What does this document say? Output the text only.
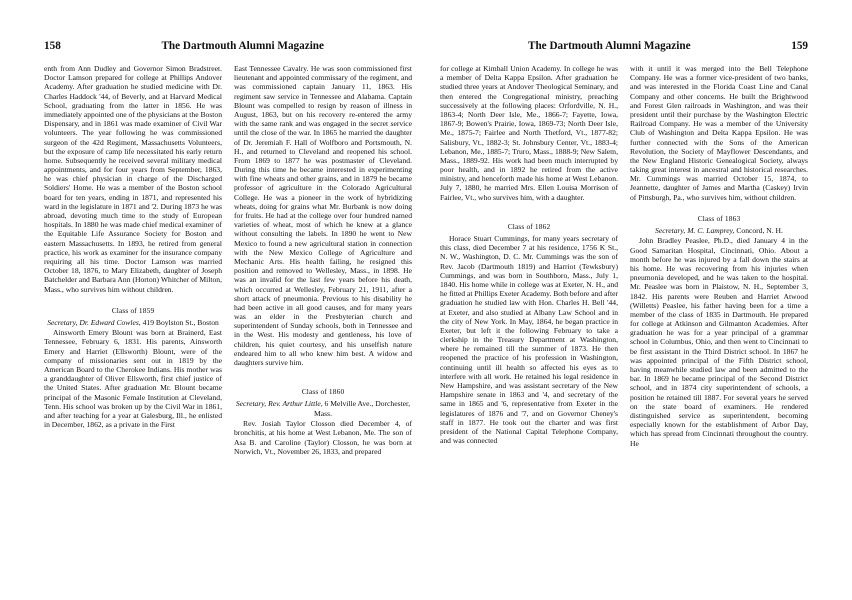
158	The Dartmouth Alumni Magazine

enth from Ann Dudley and Governor Simon Bradstreet. Doctor Lamson prepared for college at Phillips Andover Academy. After graduation he studied medicine with Dr. Charles Haddock '44, of Beverly, and at Harvard Medical School, graduating from the latter in 1856. He was immediately appointed one of the physicians at the Boston Dispensary, and in 1861 was made examiner of Civil War volunteers. The year following he was commissioned surgeon of the 42d Regiment, Massachusetts Volunteers, but the exposure of camp life necessitated his early return home. Subsequently he received several military medical appointments, and for four years from September, 1863, he was chief physician in charge of the Discharged Soldiers' Home. He was a member of the Boston school board for ten years, ending in 1871, and represented his ward in the legislature in 1871 and '2. During 1873 he was abroad, devoting much time to the study of European hospitals. In 1880 he was made chief medical examiner of the Equitable Life Assurance Society for Boston and eastern Massachusetts. In 1893, he retired from general practice, his work as examiner for the insurance company requiring all his time. Doctor Lamson was married October 18, 1876, to Mary Elizabeth, daughter of Joseph Batchelder and Barbara Ann (Horton) Whitcher of Milton, Mass., who survives him without children.

Class of 1859
Secretary, Dr. Edward Cowles, 419 Boylston St., Boston

Ainsworth Emery Blount was born at Brainerd, East Tennessee, February 6, 1831. His parents, Ainsworth Emery and Harriet (Ellsworth) Blount, were of the company of missionaries sent out in 1819 by the American Board to the Cherokee Indians. His mother was a granddaughter of Oliver Ellsworth, first chief justice of the United States. After graduation Mr. Blount became principal of the Masonic Female Institution at Cleveland, Tenn. His school was broken up by the Civil War in 1861, and after teaching for a year at Galesburg, Ill., he enlisted in December, 1862, as a private in the First

East Tennessee Cavalry. He was soon commissioned first lieutenant and appointed commissary of the regiment, and was commissioned captain January 11, 1863. His regiment saw service in Tennessee and Alabama. Captain Blount was compelled to resign by reason of illness in August, 1863, but on his recovery re-entered the army with the same rank and was engaged in the secret service until the close of the war. In 1865 he married the daughter of Dr. Jeremiah F. Hall of Wolfboro and Portsmouth, N. H., and returned to Cleveland and reopened his school. From 1869 to 1877 he was postmaster of Cleveland. During this time he became interested in experimenting with fine wheats and other grains, and in 1879 he became professor of agriculture in the Colorado Agricultural College. He was a pioneer in the work of hybridizing wheats, doing for grains what Mr. Burbank is now doing for fruits. He had at the college over four hundred named varieties of wheat, most of which he knew at a glance without consulting the labels. In 1890 he went to New Mexico to found a new agricultural station in connection with the New Mexico College of Agriculture and Mechanic Arts. His health failing, he resigned this position and removed to Wellesley, Mass., in 1898. He was an invalid for the last few years before his death, which occurred at Wellesley, February 21, 1911, after a short attack of pneumonia. Previous to his disability he had been active in all good causes, and for many years was an elder in the Presbyterian church and superintendent of Sunday schools, both in Tennessee and in the West. His modesty and gentleness, his love of children, his quiet courtesy, and his unselfish nature endeared him to all who knew him best. A widow and daughters survive him.

Class of 1860
Secretary, Rev. Arthur Little, 6 Melville Ave., Dorchester, Mass.

Rev. Josiah Taylor Closson died December 4, of bronchitis, at his home at West Lebanon, Me. The son of Asa B. and Caroline (Taylor) Closson, he was born at Norwich, Vt., November 26, 1833, and prepared

The Dartmouth Alumni Magazine	159

for college at Kimball Union Academy. In college he was a member of Delta Kappa Epsilon. After graduation he studied three years at Andover Theological Seminary, and then entered the Congregational ministry, preaching successively at the following places: Orfordville, N. H., 1863-4; North Deer Isle, Me., 1866-7; Fayette, Iowa, 1867-9; Bowen's Prairie, Iowa, 1869-73; North Deer Isle, Me., 1875-7; Fairlee and North Thetford, Vt., 1877-82; Salisbury, Vt., 1882-3; St. Johnsbury Center, Vt., 1883-4; Lebanon, Me., 1885-7; Truro, Mass., 1888-9; New Salem, Mass., 1889-92. His work had been much interrupted by poor health, and in 1892 he retired from the active ministry, and henceforth made his home at West Lebanon. July 7, 1880, he married Mrs. Ellen Louisa Morrison of Fairlee, Vt., who survives him, with a daughter.

Class of 1862

Horace Stuart Cummings, for many years secretary of this class, died December 7 at his residence, 1756 K St., N. W., Washington, D. C. Mr. Cummings was the son of Rev. Jacob (Dartmouth 1819) and Harriot (Tewksbury) Cummings, and was born in Southboro, Mass., July 1, 1840. His home while in college was at Exeter, N. H., and he fitted at Phillips Exeter Academy. Both before and after graduation he studied law with Hon. Charles H. Bell '44, at Exeter, and also studied at Albany Law School and in the city of New York. In May, 1864, he began practice in Exeter, but left it the following February to take a clerkship in the Treasury Department at Washington, where he remained till the summer of 1873. He then reopened the practice of his profession in Washington, continuing until ill health so affected his eyes as to interfere with all work. He retained his legal residence in New Hampshire, and was assistant secretary of the New Hampshire senate in 1863 and '4, and secretary of the same in 1865 and '6, representative from Exeter in the legislatures of 1876 and '7, and on Governor Cheney's staff in 1877. He took out the charter and was first president of the National Capital Telephone Company, and was connected

with it until it was merged into the Bell Telephone Company. He was a former vice-president of two banks, and was interested in the Florida Coast Line and Canal Company and other concerns. He built the Brightwood and Forest Glen railroads in Washington, and was their president until their purchase by the Washington Electric Railroad Company. He was a member of the University Club of Washington and Delta Kappa Epsilon. He was further connected with the Sons of the American Revolution, the Society of Mayflower Descendants, and the New England Historic Genealogical Society, always taking great interest in ancestral and historical researches. Mr. Cummings was married October 15, 1874, to Jeannette, daughter of James and Martha (Caskey) Irvin of Pittsburgh, Pa., who survives him, without children.

Class of 1863
Secretary, M. C. Lamprey, Concord, N. H.

John Bradley Peaslee, Ph.D., died January 4 in the Good Samaritan Hospital, Cincinnati, Ohio. About a month before he was injured by a fall down the stairs at his home. He was recovering from his injuries when pneumonia developed, and he was taken to the hospital. Mr. Peaslee was born in Plaistow, N. H., September 3, 1842. His parents were Reuben and Harriet Atwood (Willetts) Peaslee, his father having been for a time a member of the class of 1835 in Dartmouth. He prepared for college at Atkinson and Gilmanton Academies. After graduation he was for a year principal of a grammar school in Columbus, Ohio, and then went to Cincinnati to be first assistant in the Third District school. In 1867 he was appointed principal of the Fifth District school, having meanwhile studied law and been admitted to the bar. In 1869 he became principal of the Second District school, and in 1874 city superintendent of schools, a position he retained till 1887. For several years he served on the state board of examiners. He rendered distinguished service as superintendent, becoming especially known for the establishment of Arbor Day, which has spread from Cincinnati throughout the country. He
